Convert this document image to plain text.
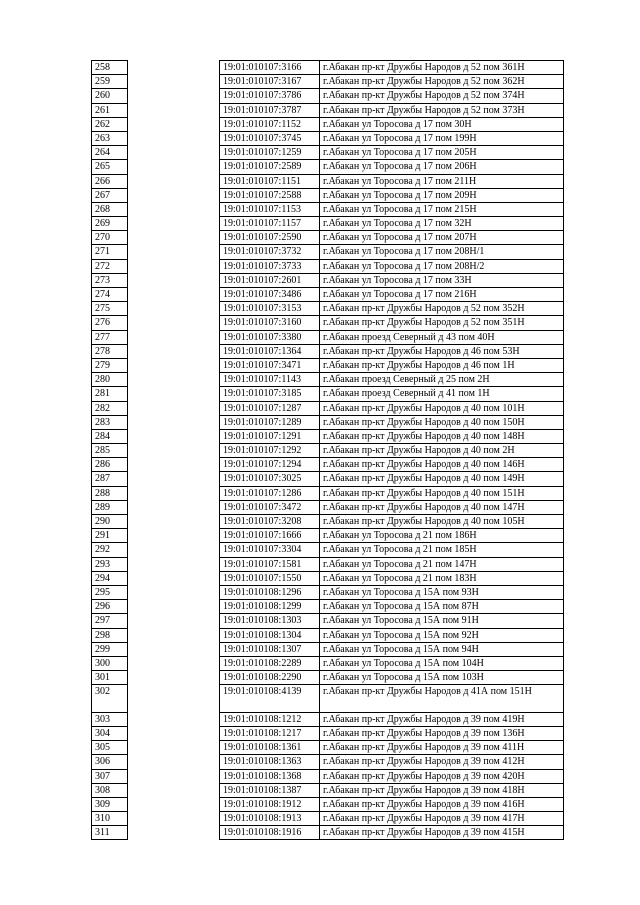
258		19:01:010107:3166	г.Абакан пр-кт Дружбы Народов д 52 пом 361Н
259		19:01:010107:3167	г.Абакан пр-кт Дружбы Народов д 52 пом 362Н
260		19:01:010107:3786	г.Абакан пр-кт Дружбы Народов д 52 пом 374Н
261		19:01:010107:3787	г.Абакан пр-кт Дружбы Народов д 52 пом 373Н
262		19:01:010107:1152	г.Абакан ул Торосова д 17 пом 30Н
263		19:01:010107:3745	г.Абакан ул Торосова д 17 пом 199Н
264		19:01:010107:1259	г.Абакан ул Торосова д 17 пом 205Н
265		19:01:010107:2589	г.Абакан ул Торосова д 17 пом 206Н
266		19:01:010107:1151	г.Абакан ул Торосова д 17 пом 211Н
267		19:01:010107:2588	г.Абакан ул Торосова д 17 пом 209Н
268		19:01:010107:1153	г.Абакан ул Торосова д 17 пом 215Н
269		19:01:010107:1157	г.Абакан ул Торосова д 17 пом 32Н
270		19:01:010107:2590	г.Абакан ул Торосова д 17 пом 207Н
271		19:01:010107:3732	г.Абакан ул Торосова д 17 пом 208Н/1
272		19:01:010107:3733	г.Абакан ул Торосова д 17 пом 208Н/2
273		19:01:010107:2601	г.Абакан ул Торосова д 17 пом 33Н
274		19:01:010107:3486	г.Абакан ул Торосова д 17 пом 216Н
275		19:01:010107:3153	г.Абакан пр-кт Дружбы Народов д 52 пом 352Н
276		19:01:010107:3160	г.Абакан пр-кт Дружбы Народов д 52 пом 351Н
277		19:01:010107:3380	г.Абакан проезд Северный д 43 пом 40Н
278		19:01:010107:1364	г.Абакан пр-кт Дружбы Народов д 46 пом 53Н
279		19:01:010107:3471	г.Абакан пр-кт Дружбы Народов д 46 пом 1Н
280		19:01:010107:1143	г.Абакан проезд Северный д 25 пом 2Н
281		19:01:010107:3185	г.Абакан проезд Северный д 41 пом 1Н
282		19:01:010107:1287	г.Абакан пр-кт Дружбы Народов д 40 пом 101Н
283		19:01:010107:1289	г.Абакан пр-кт Дружбы Народов д 40 пом 150Н
284		19:01:010107:1291	г.Абакан пр-кт Дружбы Народов д 40 пом 148Н
285		19:01:010107:1292	г.Абакан пр-кт Дружбы Народов д 40 пом 2Н
286		19:01:010107:1294	г.Абакан пр-кт Дружбы Народов д 40 пом 146Н
287		19:01:010107:3025	г.Абакан пр-кт Дружбы Народов д 40 пом 149Н
288		19:01:010107:1286	г.Абакан пр-кт Дружбы Народов д 40 пом 151Н
289		19:01:010107:3472	г.Абакан пр-кт Дружбы Народов д 40 пом 147Н
290		19:01:010107:3208	г.Абакан пр-кт Дружбы Народов д 40 пом 105Н
291		19:01:010107:1666	г.Абакан ул Торосова д 21 пом 186Н
292		19:01:010107:3304	г.Абакан ул Торосова д 21 пом 185Н
293		19:01:010107:1581	г.Абакан ул Торосова д 21 пом 147Н
294		19:01:010107:1550	г.Абакан ул Торосова д 21 пом 183Н
295		19:01:010108:1296	г.Абакан ул Торосова д 15А пом 93Н
296		19:01:010108:1299	г.Абакан ул Торосова д 15А пом 87Н
297		19:01:010108:1303	г.Абакан ул Торосова д 15А пом 91Н
298		19:01:010108:1304	г.Абакан ул Торосова д 15А пом 92Н
299		19:01:010108:1307	г.Абакан ул Торосова д 15А пом 94Н
300		19:01:010108:2289	г.Абакан ул Торосова д 15А пом 104Н
301		19:01:010108:2290	г.Абакан ул Торосова д 15А пом 103Н
302		19:01:010108:4139	г.Абакан пр-кт Дружбы Народов д 41А пом 151Н
303		19:01:010108:1212	г.Абакан пр-кт Дружбы Народов д 39 пом 419Н
304		19:01:010108:1217	г.Абакан пр-кт Дружбы Народов д 39 пом 136Н
305		19:01:010108:1361	г.Абакан пр-кт Дружбы Народов д 39 пом 411Н
306		19:01:010108:1363	г.Абакан пр-кт Дружбы Народов д 39 пом 412Н
307		19:01:010108:1368	г.Абакан пр-кт Дружбы Народов д 39 пом 420Н
308		19:01:010108:1387	г.Абакан пр-кт Дружбы Народов д 39 пом 418Н
309		19:01:010108:1912	г.Абакан пр-кт Дружбы Народов д 39 пом 416Н
310		19:01:010108:1913	г.Абакан пр-кт Дружбы Народов д 39 пом 417Н
311		19:01:010108:1916	г.Абакан пр-кт Дружбы Народов д 39 пом 415Н
